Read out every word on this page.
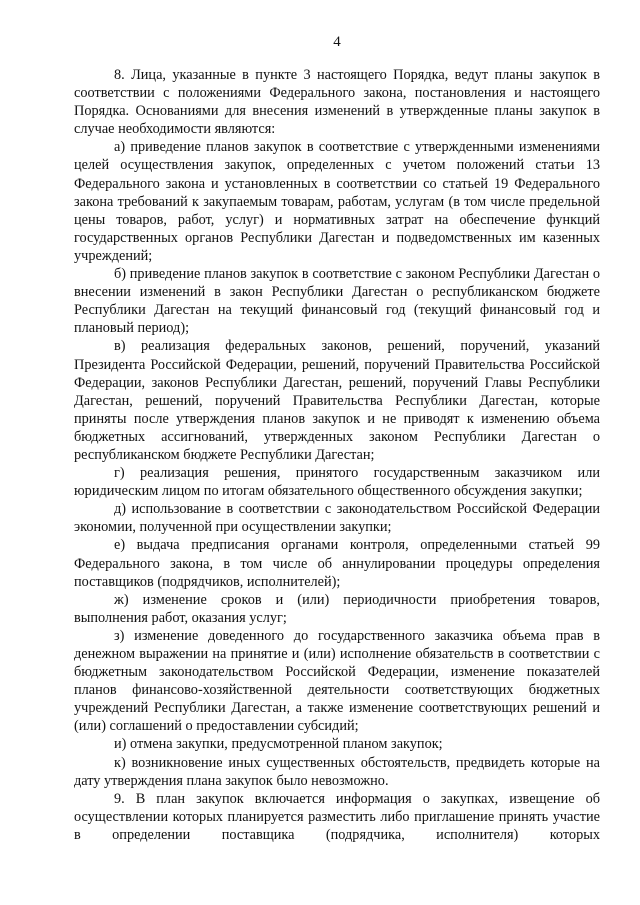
4

8. Лица, указанные в пункте 3 настоящего Порядка, ведут планы закупок в соответствии с положениями Федерального закона, постановления и настоящего Порядка. Основаниями для внесения изменений в утвержденные планы закупок в случае необходимости являются:

а) приведение планов закупок в соответствие с утвержденными изменениями целей осуществления закупок, определенных с учетом положений статьи 13 Федерального закона и установленных в соответствии со статьей 19 Федерального закона требований к закупаемым товарам, работам, услугам (в том числе предельной цены товаров, работ, услуг) и нормативных затрат на обеспечение функций государственных органов Республики Дагестан и подведомственных им казенных учреждений;

б) приведение планов закупок в соответствие с законом Республики Дагестан о внесении изменений в закон Республики Дагестан о республиканском бюджете Республики Дагестан на текущий финансовый год (текущий финансовый год и плановый период);

в) реализация федеральных законов, решений, поручений, указаний Президента Российской Федерации, решений, поручений Правительства Российской Федерации, законов Республики Дагестан, решений, поручений Главы Республики Дагестан, решений, поручений Правительства Республики Дагестан, которые приняты после утверждения планов закупок и не приводят к изменению объема бюджетных ассигнований, утвержденных законом Республики Дагестан о республиканском бюджете Республики Дагестан;

г) реализация решения, принятого государственным заказчиком или юридическим лицом по итогам обязательного общественного обсуждения закупки;

д) использование в соответствии с законодательством Российской Федерации экономии, полученной при осуществлении закупки;

е) выдача предписания органами контроля, определенными статьей 99 Федерального закона, в том числе об аннулировании процедуры определения поставщиков (подрядчиков, исполнителей);

ж) изменение сроков и (или) периодичности приобретения товаров, выполнения работ, оказания услуг;

з) изменение доведенного до государственного заказчика объема прав в денежном выражении на принятие и (или) исполнение обязательств в соответствии с бюджетным законодательством Российской Федерации, изменение показателей планов финансово-хозяйственной деятельности соответствующих бюджетных учреждений Республики Дагестан, а также изменение соответствующих решений и (или) соглашений о предоставлении субсидий;

и) отмена закупки, предусмотренной планом закупок;

к) возникновение иных существенных обстоятельств, предвидеть которые на дату утверждения плана закупок было невозможно.

9. В план закупок включается информация о закупках, извещение об осуществлении которых планируется разместить либо приглашение принять участие в определении поставщика (подрядчика, исполнителя) которых
